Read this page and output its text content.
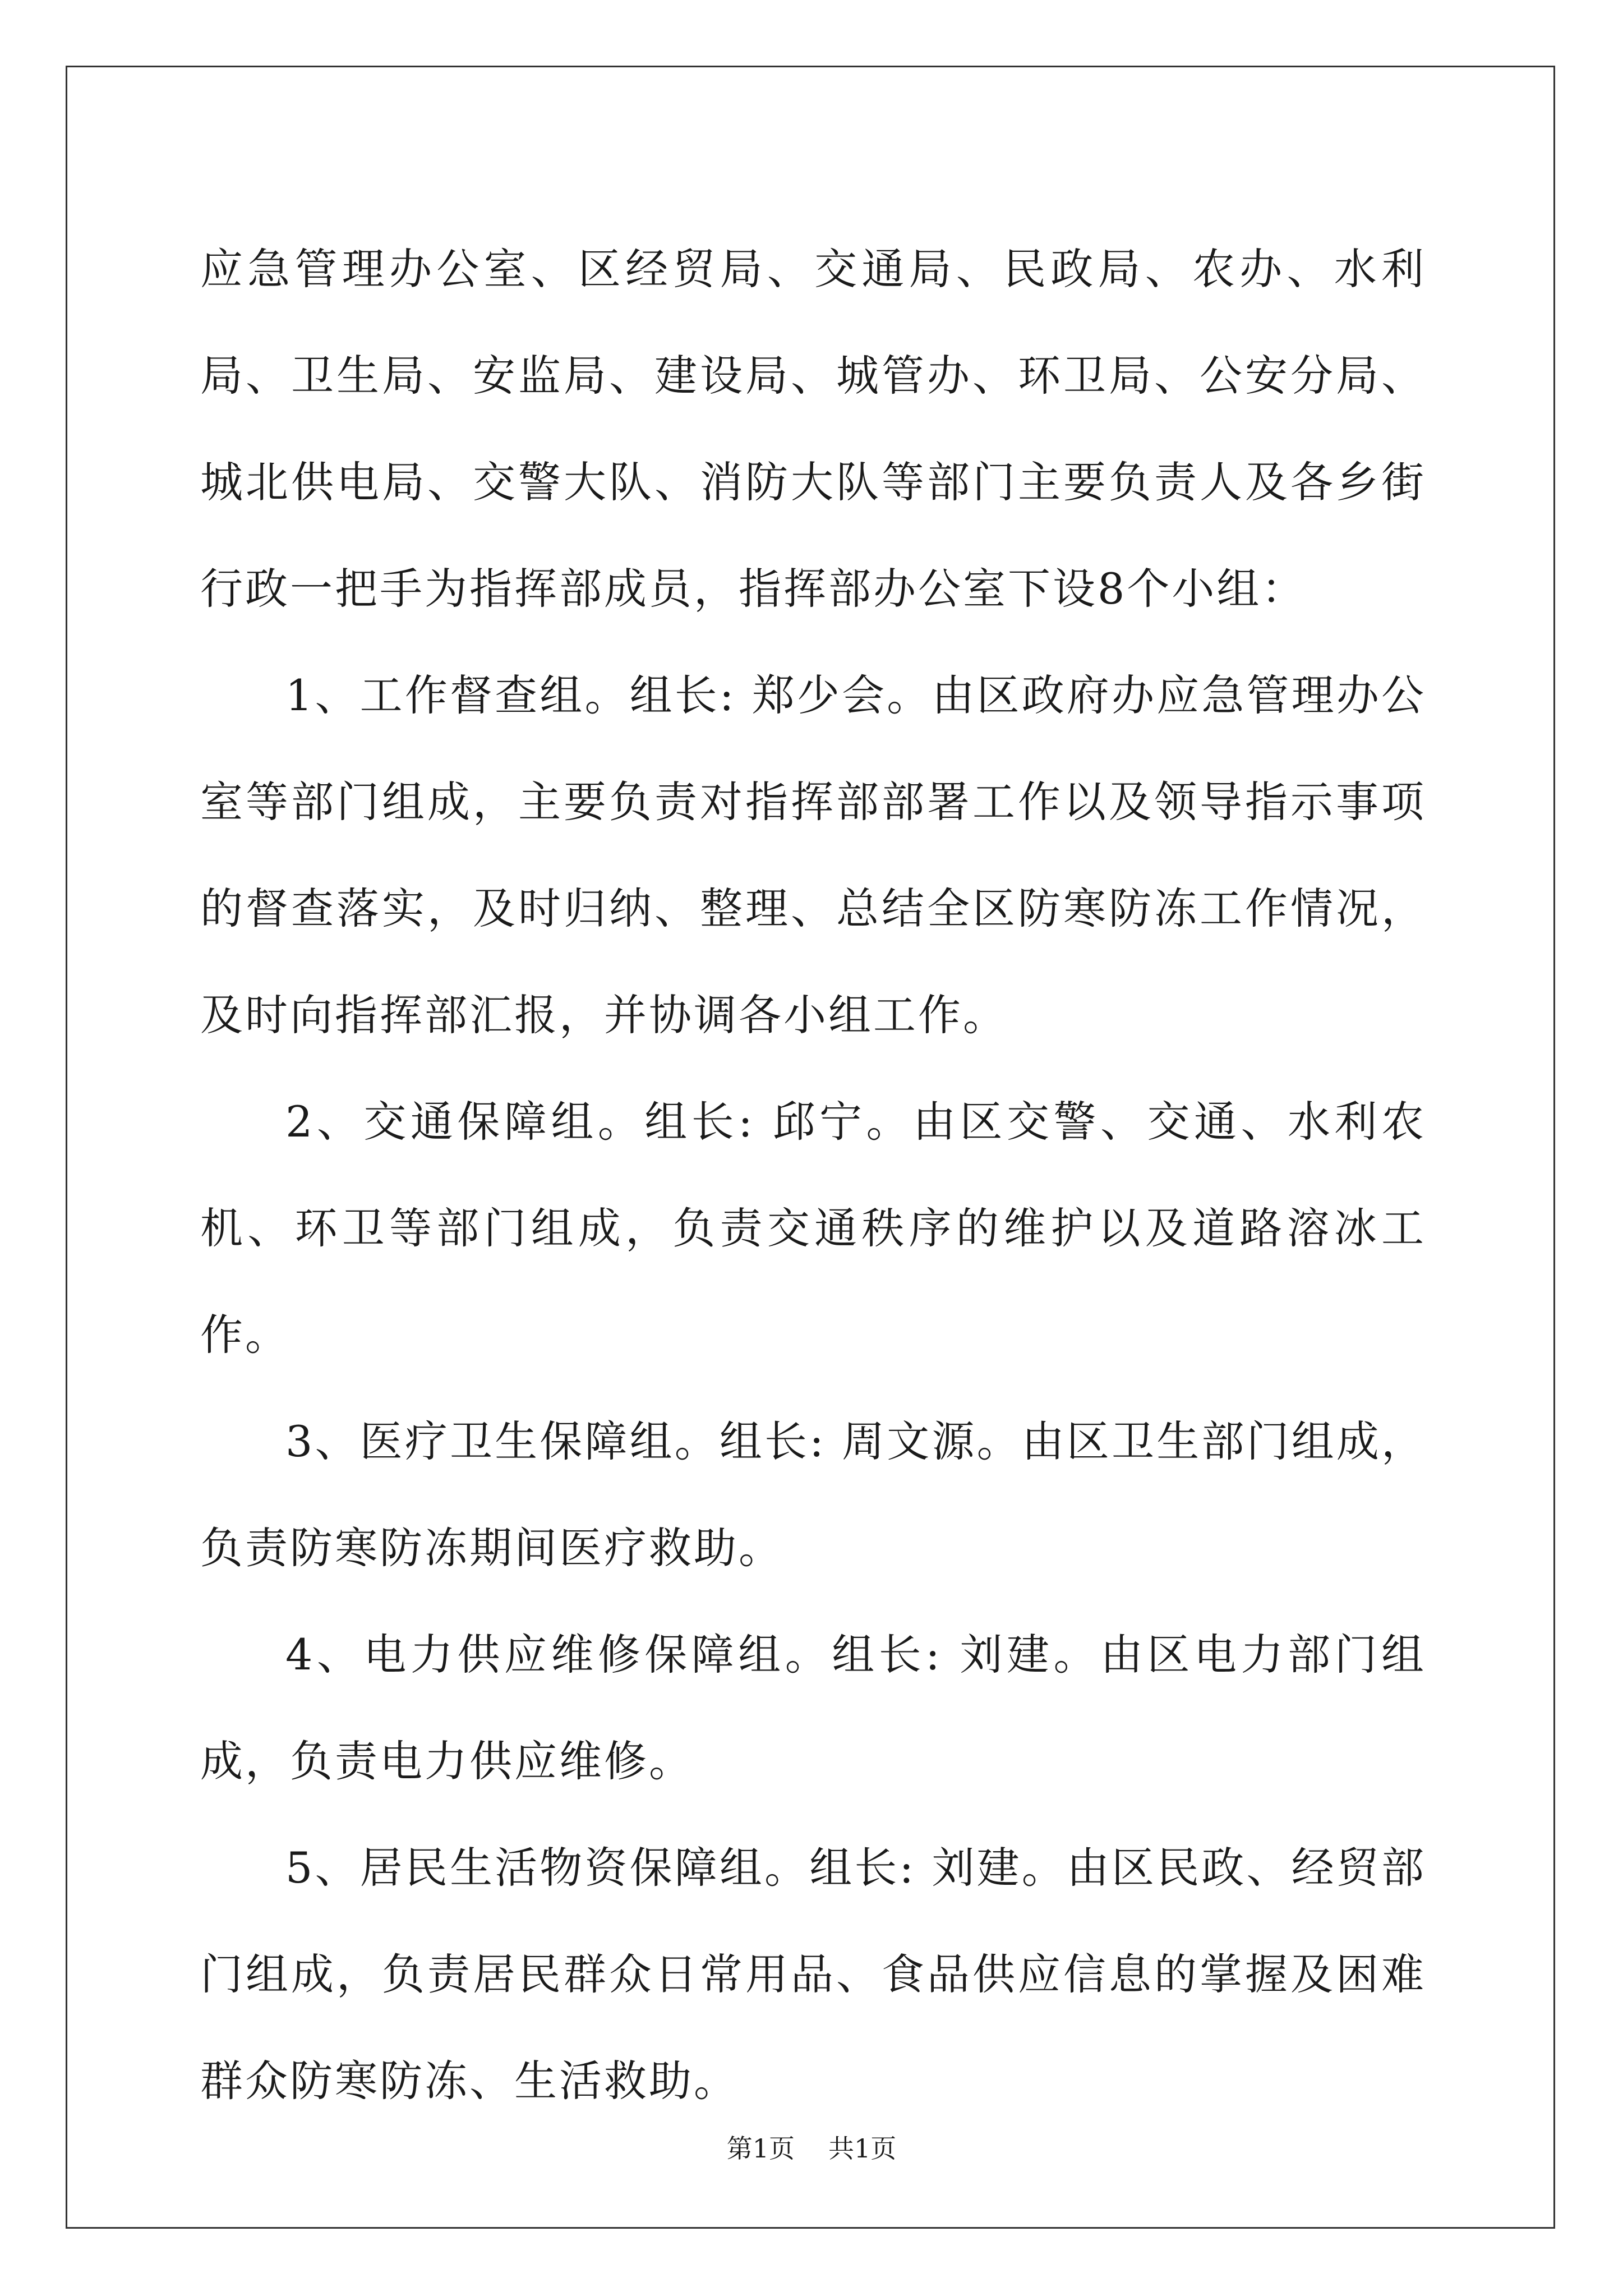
应急管理办公室、区经贸局、交通局、民政局、农办、水利局、卫生局、安监局、建设局、城管办、环卫局、公安分局、城北供电局、交警大队、消防大队等部门主要负责人及各乡街行政一把手为指挥部成员，指挥部办公室下设8个小组：

1、工作督查组。组长: 郑少会。由区政府办应急管理办公室等部门组成，主要负责对指挥部部署工作以及领导指示事项的督查落实，及时归纳、整理、总结全区防寒防冻工作情况，及时向指挥部汇报，并协调各小组工作。

2、交通保障组。组长: 邱宁。由区交警、交通、水利农机、环卫等部门组成，负责交通秩序的维护以及道路溶冰工作。

3、医疗卫生保障组。组长: 周文源。由区卫生部门组成，负责防寒防冻期间医疗救助。

4、电力供应维修保障组。组长: 刘建。由区电力部门组成，负责电力供应维修。

5、居民生活物资保障组。组长: 刘建。由区民政、经贸部门组成，负责居民群众日常用品、食品供应信息的掌握及困难群众防寒防冻、生活救助。

第1页 共1页
